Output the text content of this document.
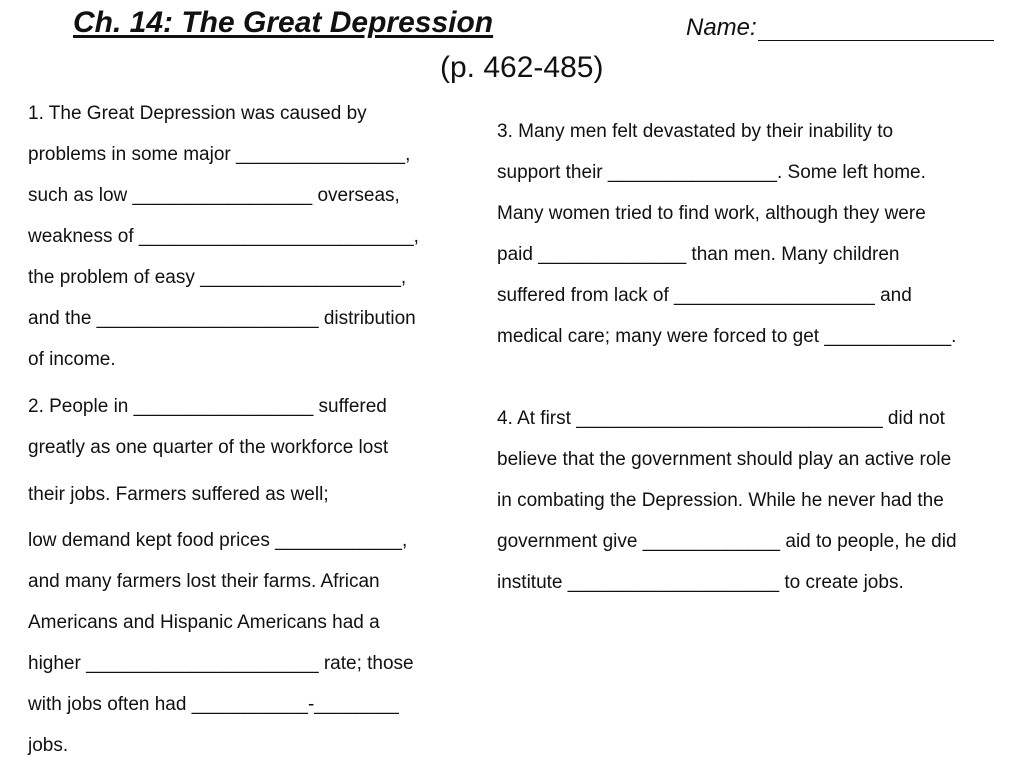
Ch. 14: The Great Depression	Name:
(p. 462-485)
1. The Great Depression was caused by
problems in some major ________________,
such as low _________________ overseas,
weakness of __________________________,
the problem of easy ___________________,
and the _____________________ distribution
of income.
2. People in _________________ suffered
greatly as one quarter of the workforce lost
their jobs. Farmers suffered as well;
low demand kept food prices ____________,
and many farmers lost their farms. African
Americans and Hispanic Americans had a
higher ______________________ rate; those
with jobs often had ___________-________
jobs.
3. Many men felt devastated by their inability to
support their ________________. Some left home.
Many women tried to find work, although they were
paid ______________ than men. Many children
suffered from lack of ___________________ and
medical care; many were forced to get ____________.
4. At first _____________________________ did not
believe that the government should play an active role
in combating the Depression. While he never had the
government give _____________ aid to people, he did
institute ____________________ to create jobs.
